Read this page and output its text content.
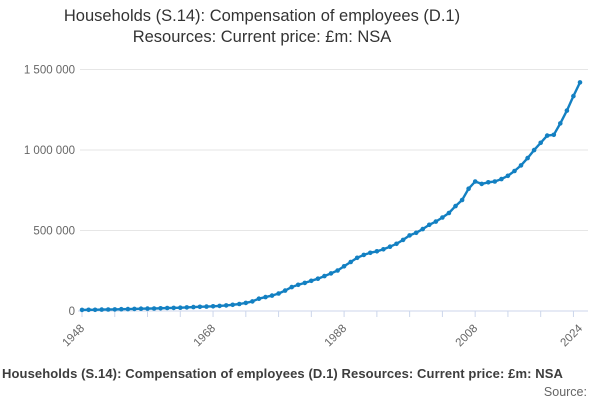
Households (S.14): Compensation of employees (D.1)
Resources: Current price: £m: NSA
0
500 000
1 000 000
1 500 000
1948	1968	1988	2008	2024
Households (S.14): Compensation of employees (D.1) Resources: Current price: £m: NSA
Source:
